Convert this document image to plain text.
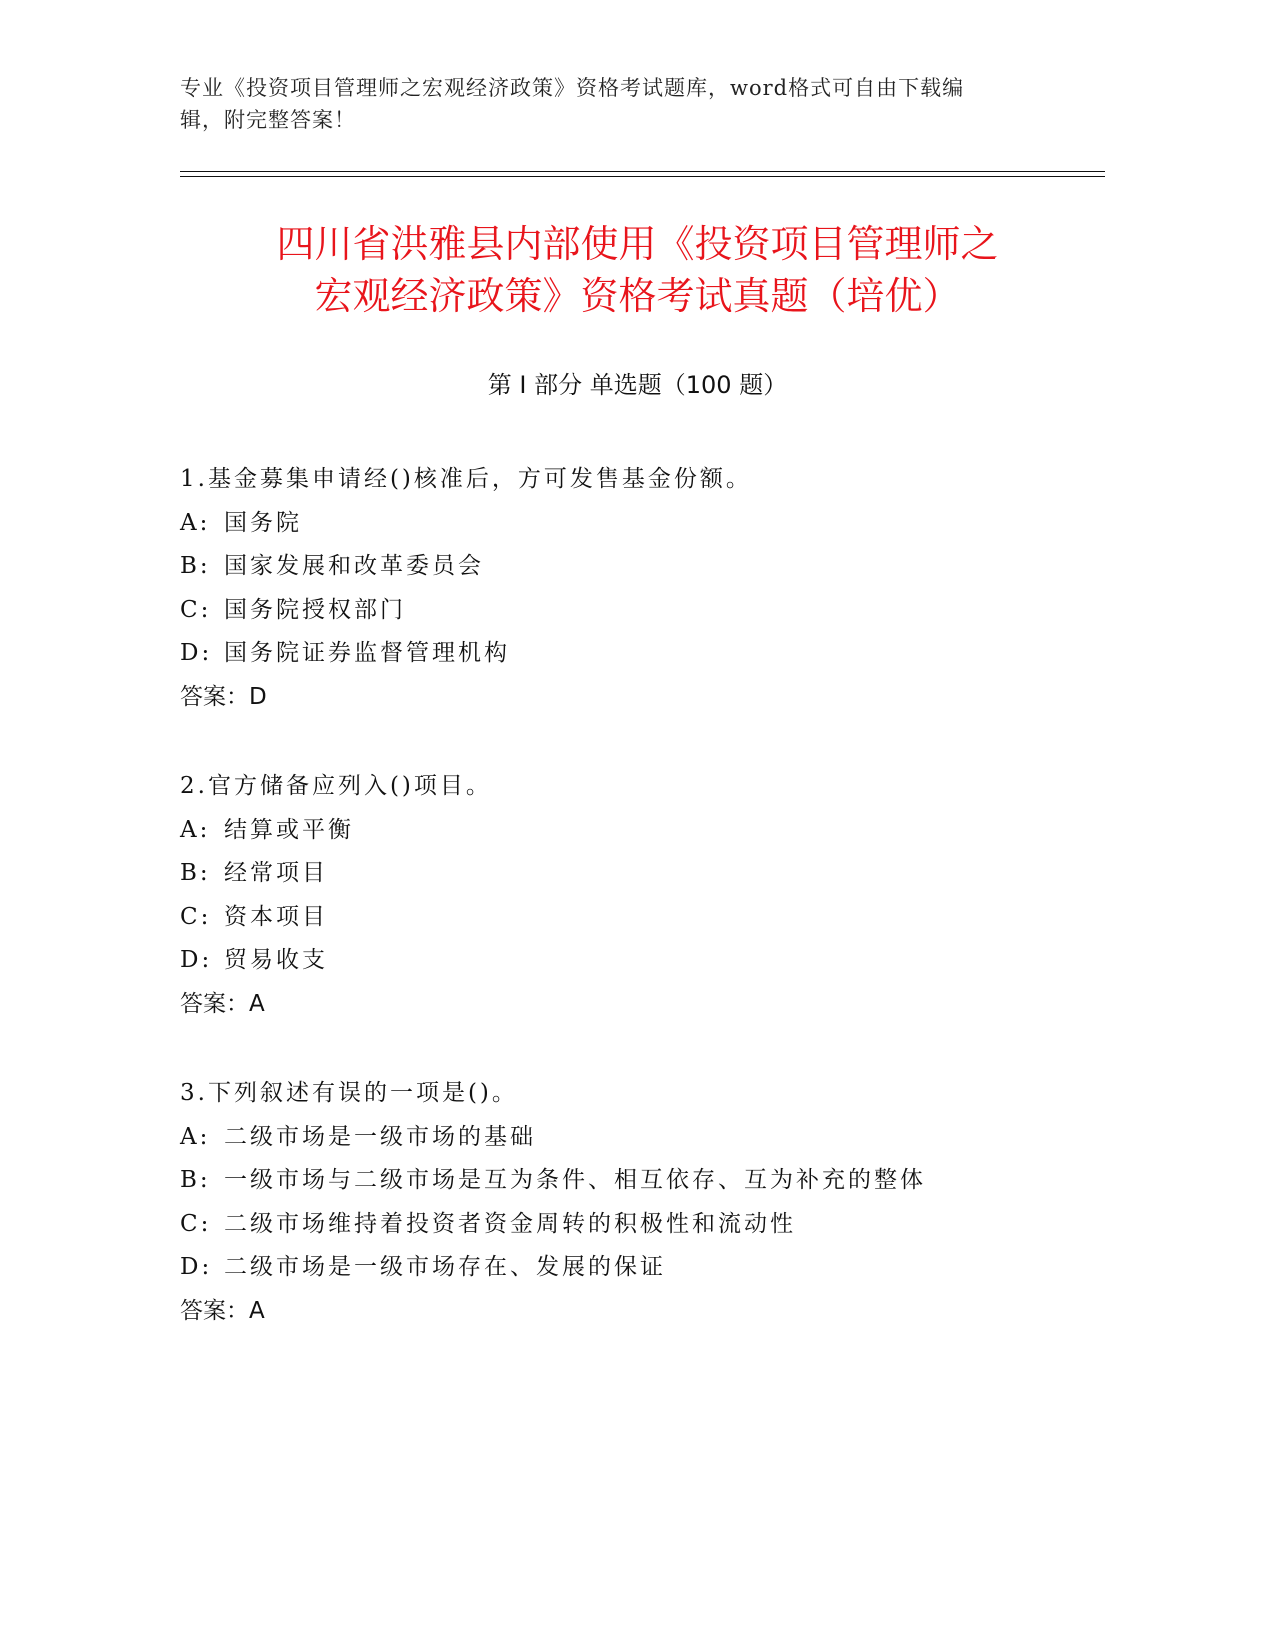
专业《投资项目管理师之宏观经济政策》资格考试题库，word格式可自由下载编
辑，附完整答案！
四川省洪雅县内部使用《投资项目管理师之
宏观经济政策》资格考试真题（培优）
第 I 部分 单选题（100 题）
1.基金募集申请经()核准后，方可发售基金份额。
A: 国务院
B: 国家发展和改革委员会
C: 国务院授权部门
D: 国务院证券监督管理机构
答案：D
2.官方储备应列入()项目。
A: 结算或平衡
B: 经常项目
C: 资本项目
D: 贸易收支
答案：A
3.下列叙述有误的一项是()。
A: 二级市场是一级市场的基础
B: 一级市场与二级市场是互为条件、相互依存、互为补充的整体
C: 二级市场维持着投资者资金周转的积极性和流动性
D: 二级市场是一级市场存在、发展的保证
答案：A
